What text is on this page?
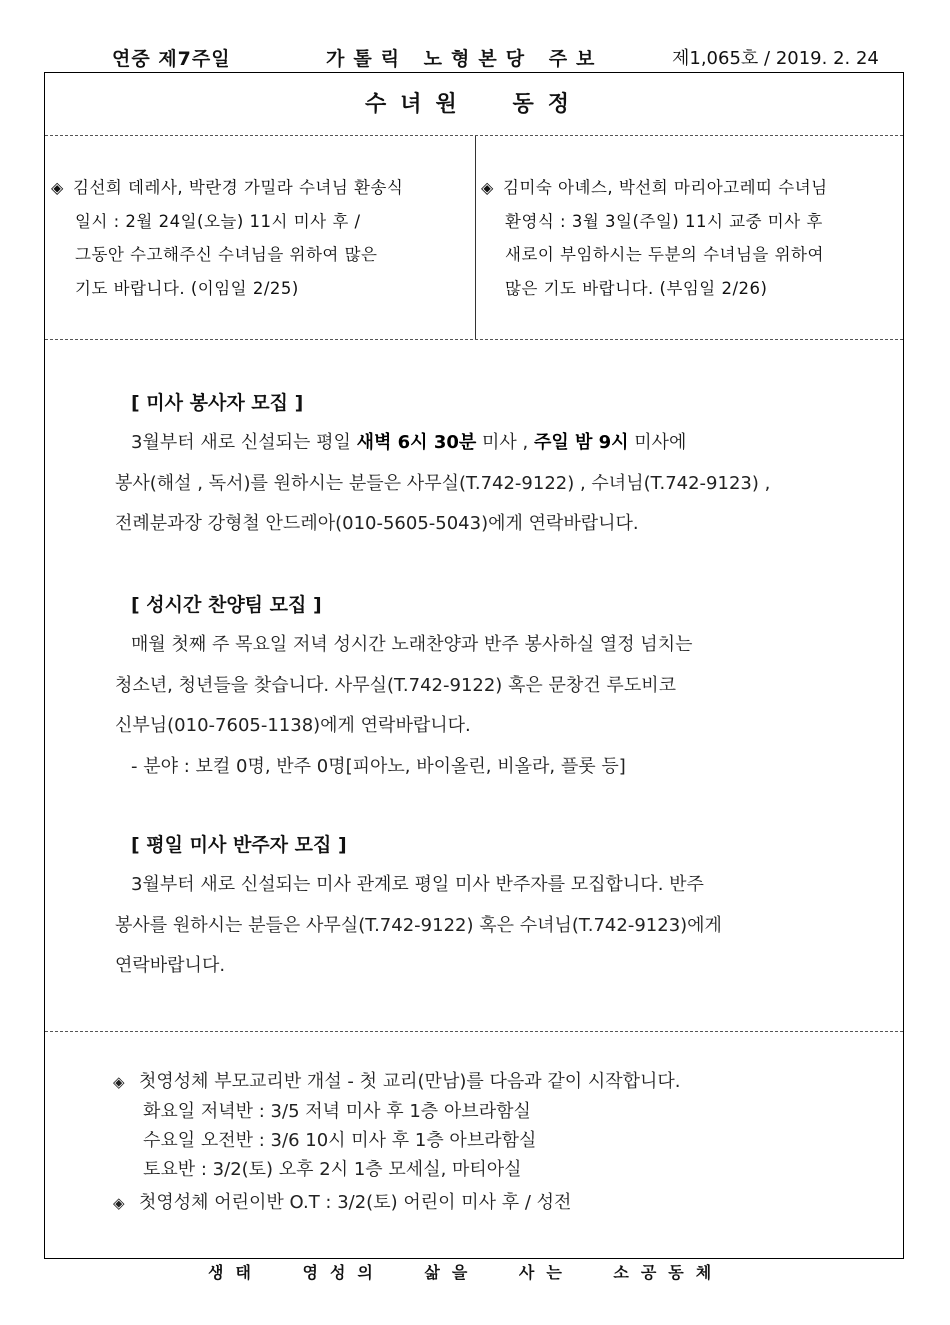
연중 제7주일	가톨릭 노형본당 주보	제1,065호 / 2019. 2. 24
수녀원 동정
◈ 김선희 데레사, 박란경 가밀라 수녀님 환송식
일시 : 2월 24일(오늘) 11시 미사 후 /
그동안 수고해주신 수녀님을 위하여 많은
기도 바랍니다. (이임일 2/25)
◈ 김미숙 아녜스, 박선희 마리아고레띠 수녀님
환영식 : 3월 3일(주일) 11시 교중 미사 후
새로이 부임하시는 두분의 수녀님을 위하여
많은 기도 바랍니다. (부임일 2/26)
[ 미사 봉사자 모집 ]
3월부터 새로 신설되는 평일 새벽 6시 30분 미사 , 주일 밤 9시 미사에
봉사(해설 , 독서)를 원하시는 분들은 사무실(T.742-9122) , 수녀님(T.742-9123) ,
전례분과장 강형철 안드레아(010-5605-5043)에게 연락바랍니다.
[ 성시간 찬양팀 모집 ]
매월 첫째 주 목요일 저녁 성시간 노래찬양과 반주 봉사하실 열정 넘치는
청소년, 청년들을 찾습니다. 사무실(T.742-9122) 혹은 문창건 루도비코
신부님(010-7605-1138)에게 연락바랍니다.
- 분야 : 보컬 0명, 반주 0명[피아노, 바이올린, 비올라, 플롯 등]
[ 평일 미사 반주자 모집 ]
3월부터 새로 신설되는 미사 관계로 평일 미사 반주자를 모집합니다. 반주
봉사를 원하시는 분들은 사무실(T.742-9122) 혹은 수녀님(T.742-9123)에게
연락바랍니다.
◈ 첫영성체 부모교리반 개설 - 첫 교리(만남)를 다음과 같이 시작합니다.
화요일 저녁반 : 3/5 저녁 미사 후 1층 아브라함실
수요일 오전반 : 3/6 10시 미사 후 1층 아브라함실
토요반 : 3/2(토) 오후 2시 1층 모세실, 마티아실
◈ 첫영성체 어린이반 O.T : 3/2(토) 어린이 미사 후 / 성전
생태 영성의 삶을 사는 소공동체
